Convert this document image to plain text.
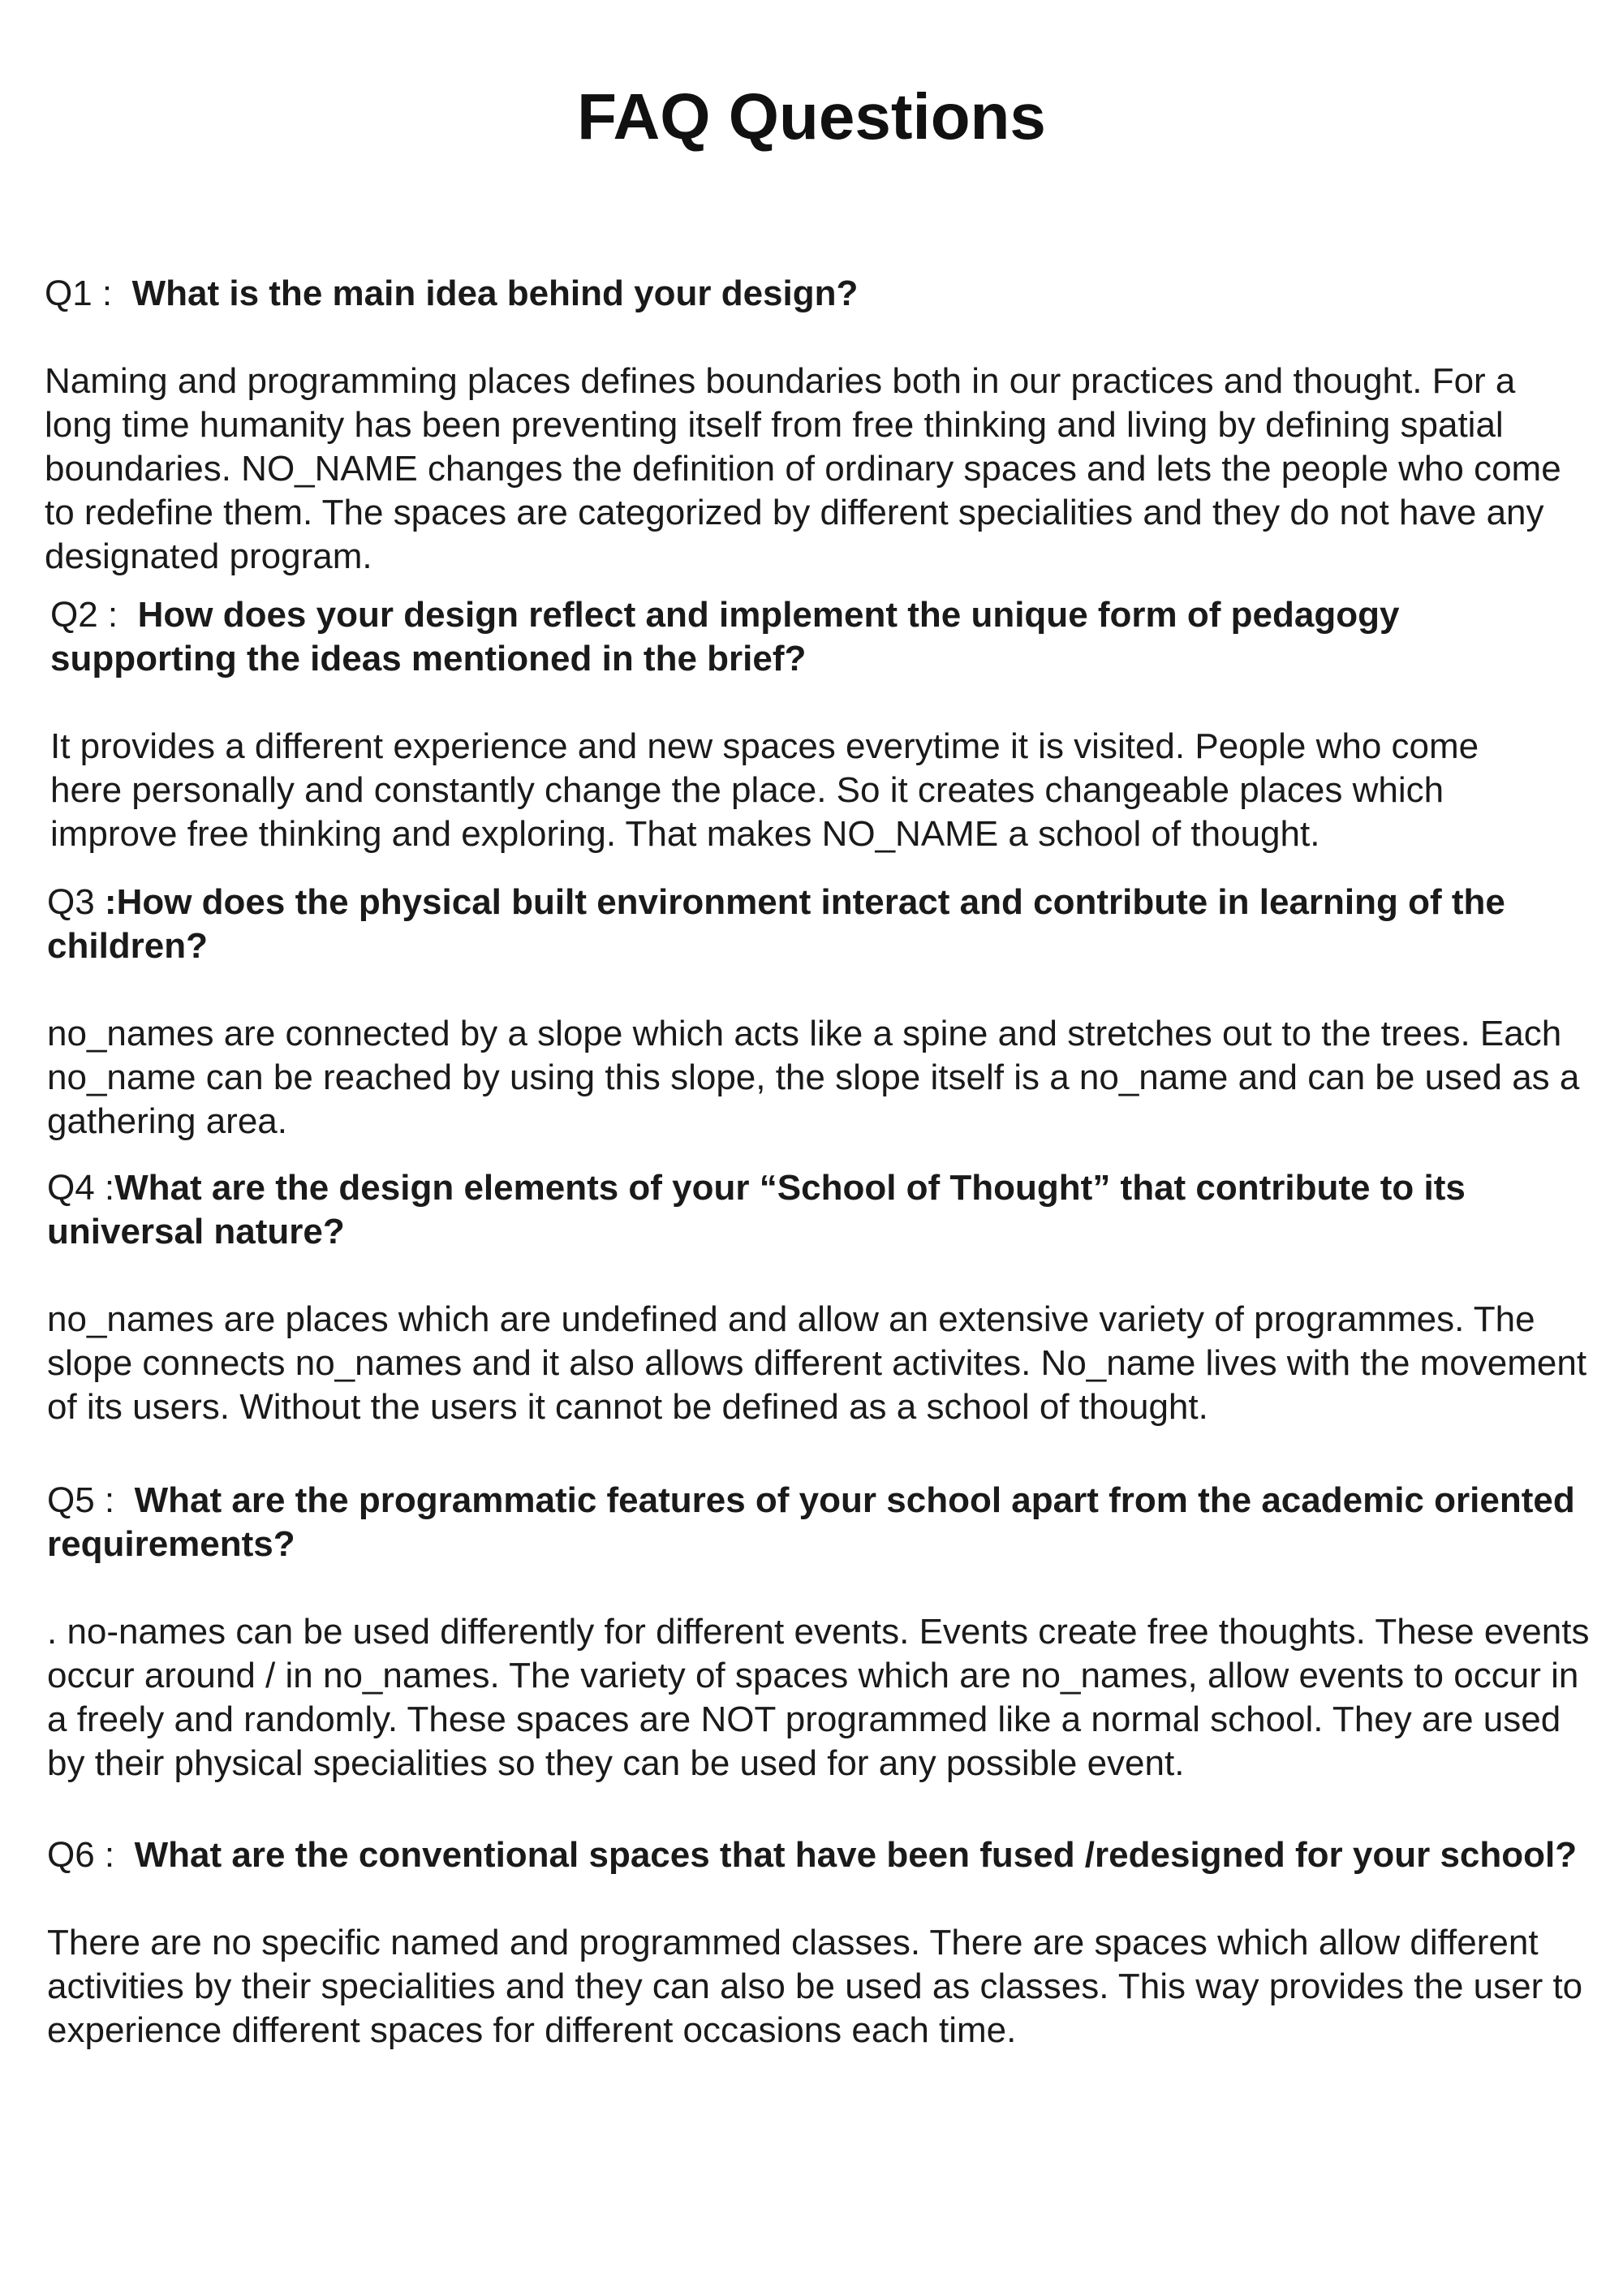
FAQ Questions

Q1 :  What is the main idea behind your design?

Naming and programming places defines boundaries both in our practices and thought. For a long time humanity has been preventing itself from free thinking and living by defining spatial boundaries. NO_NAME changes the definition of ordinary spaces and lets the people who come to redefine them. The spaces are categorized by different specialities and they do not have any designated program.

Q2 :  How does your design reflect and implement the unique form of pedagogy supporting the ideas mentioned in the brief?

It provides a different experience and new spaces everytime it is visited. People who come here personally and constantly change the place. So it creates changeable places which improve free thinking and exploring. That makes NO_NAME a school of thought.

Q3 :How does the physical built environment interact and contribute in learning of the children?

no_names are connected by a slope which acts like a spine and stretches out to the trees. Each no_name can be reached by using this slope, the slope itself is a no_name and can be used as a gathering area.

Q4 :What are the design elements of your “School of Thought” that contribute to its universal nature?

no_names are places which are undefined and allow an extensive variety of programmes. The slope connects no_names and it also allows different activites. No_name lives with the movement of its users. Without the users it cannot be defined as a school of thought.

Q5 :  What are the programmatic features of your school apart from the academic oriented requirements?

. no-names can be used differently for different events. Events create free thoughts. These events occur around / in no_names. The variety of spaces which are no_names, allow events to occur in a freely and randomly. These spaces are NOT programmed like a normal school. They are used by their physical specialities so they can be used for any possible event.

Q6 :  What are the conventional spaces that have been fused /redesigned for your school?

There are no specific named and programmed classes. There are spaces which allow different activities by their specialities and they can also be used as classes. This way provides the user to experience different spaces for different occasions each time.
